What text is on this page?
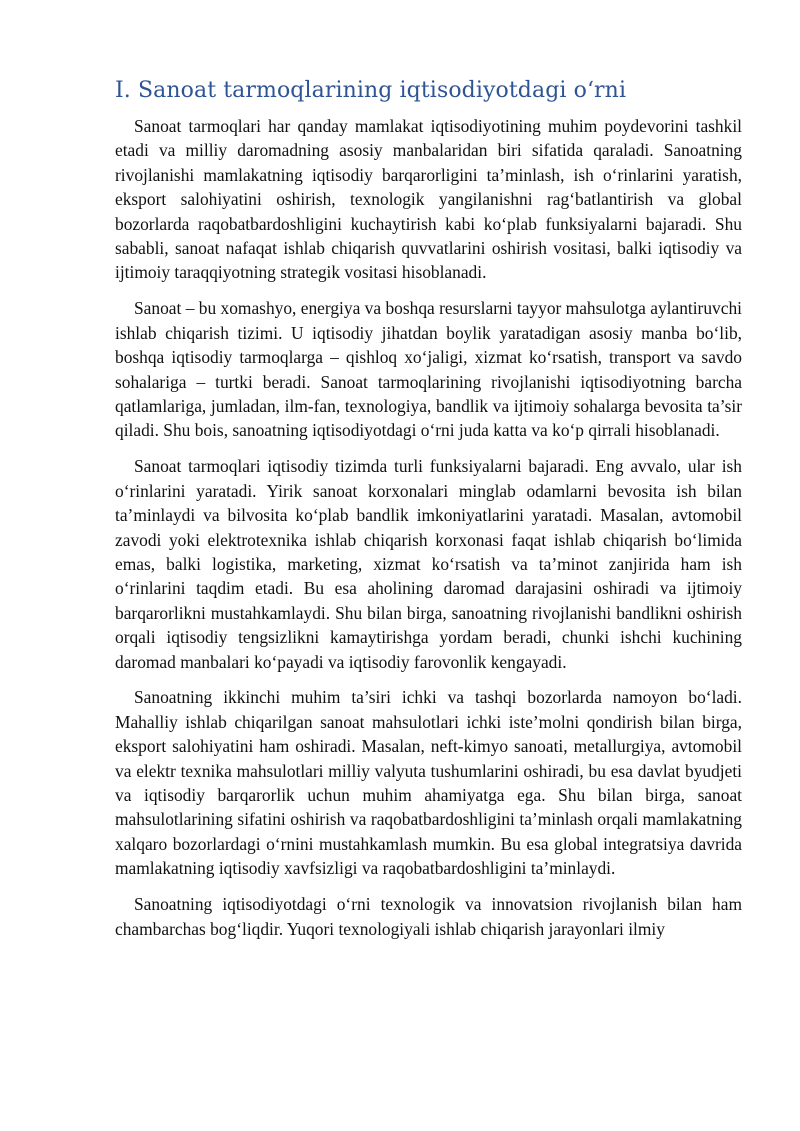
I. Sanoat tarmoqlarining iqtisodiyotdagi o‘rni

Sanoat tarmoqlari har qanday mamlakat iqtisodiyotining muhim poydevorini tashkil etadi va milliy daromadning asosiy manbalaridan biri sifatida qaraladi. Sanoatning rivojlanishi mamlakatning iqtisodiy barqarorligini ta’minlash, ish o‘rinlarini yaratish, eksport salohiyatini oshirish, texnologik yangilanishni rag‘batlantirish va global bozorlarda raqobatbardoshligini kuchaytirish kabi ko‘plab funksiyalarni bajaradi. Shu sababli, sanoat nafaqat ishlab chiqarish quvvatlarini oshirish vositasi, balki iqtisodiy va ijtimoiy taraqqiyotning strategik vositasi hisoblanadi.

Sanoat – bu xomashyo, energiya va boshqa resurslarni tayyor mahsulotga aylantiruvchi ishlab chiqarish tizimi. U iqtisodiy jihatdan boylik yaratadigan asosiy manba bo‘lib, boshqa iqtisodiy tarmoqlarga – qishloq xo‘jaligi, xizmat ko‘rsatish, transport va savdo sohalariga – turtki beradi. Sanoat tarmoqlarining rivojlanishi iqtisodiyotning barcha qatlamlariga, jumladan, ilm-fan, texnologiya, bandlik va ijtimoiy sohalarga bevosita ta’sir qiladi. Shu bois, sanoatning iqtisodiyotdagi o‘rni juda katta va ko‘p qirrali hisoblanadi.

Sanoat tarmoqlari iqtisodiy tizimda turli funksiyalarni bajaradi. Eng avvalo, ular ish o‘rinlarini yaratadi. Yirik sanoat korxonalari minglab odamlarni bevosita ish bilan ta’minlaydi va bilvosita ko‘plab bandlik imkoniyatlarini yaratadi. Masalan, avtomobil zavodi yoki elektrotexnika ishlab chiqarish korxonasi faqat ishlab chiqarish bo‘limida emas, balki logistika, marketing, xizmat ko‘rsatish va ta’minot zanjirida ham ish o‘rinlarini taqdim etadi. Bu esa aholining daromad darajasini oshiradi va ijtimoiy barqarorlikni mustahkamlaydi. Shu bilan birga, sanoatning rivojlanishi bandlikni oshirish orqali iqtisodiy tengsizlikni kamaytirishga yordam beradi, chunki ishchi kuchining daromad manbalari ko‘payadi va iqtisodiy farovonlik kengayadi.

Sanoatning ikkinchi muhim ta’siri ichki va tashqi bozorlarda namoyon bo‘ladi. Mahalliy ishlab chiqarilgan sanoat mahsulotlari ichki iste’molni qondirish bilan birga, eksport salohiyatini ham oshiradi. Masalan, neft-kimyo sanoati, metallurgiya, avtomobil va elektr texnika mahsulotlari milliy valyuta tushumlarini oshiradi, bu esa davlat byudjeti va iqtisodiy barqarorlik uchun muhim ahamiyatga ega. Shu bilan birga, sanoat mahsulotlarining sifatini oshirish va raqobatbardoshligini ta’minlash orqali mamlakatning xalqaro bozorlardagi o‘rnini mustahkamlash mumkin. Bu esa global integratsiya davrida mamlakatning iqtisodiy xavfsizligi va raqobatbardoshligini ta’minlaydi.

Sanoatning iqtisodiyotdagi o‘rni texnologik va innovatsion rivojlanish bilan ham chambarchas bog‘liqdir. Yuqori texnologiyali ishlab chiqarish jarayonlari ilmiy
